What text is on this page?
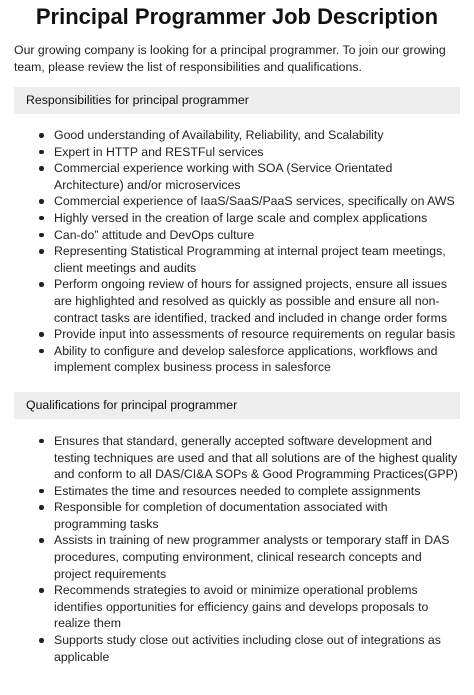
Principal Programmer Job Description

Our growing company is looking for a principal programmer. To join our growing team, please review the list of responsibilities and qualifications.

Responsibilities for principal programmer
Good understanding of Availability, Reliability, and Scalability
Expert in HTTP and RESTFul services
Commercial experience working with SOA (Service Orientated Architecture) and/or microservices
Commercial experience of IaaS/SaaS/PaaS services, specifically on AWS
Highly versed in the creation of large scale and complex applications
Can-do” attitude and DevOps culture
Representing Statistical Programming at internal project team meetings, client meetings and audits
Perform ongoing review of hours for assigned projects, ensure all issues are highlighted and resolved as quickly as possible and ensure all non-contract tasks are identified, tracked and included in change order forms
Provide input into assessments of resource requirements on regular basis
Ability to configure and develop salesforce applications, workflows and implement complex business process in salesforce
Qualifications for principal programmer
Ensures that standard, generally accepted software development and testing techniques are used and that all solutions are of the highest quality and conform to all DAS/CI&A SOPs & Good Programming Practices(GPP)
Estimates the time and resources needed to complete assignments
Responsible for completion of documentation associated with programming tasks
Assists in training of new programmer analysts or temporary staff in DAS procedures, computing environment, clinical research concepts and project requirements
Recommends strategies to avoid or minimize operational problems identifies opportunities for efficiency gains and develops proposals to realize them
Supports study close out activities including close out of integrations as applicable
